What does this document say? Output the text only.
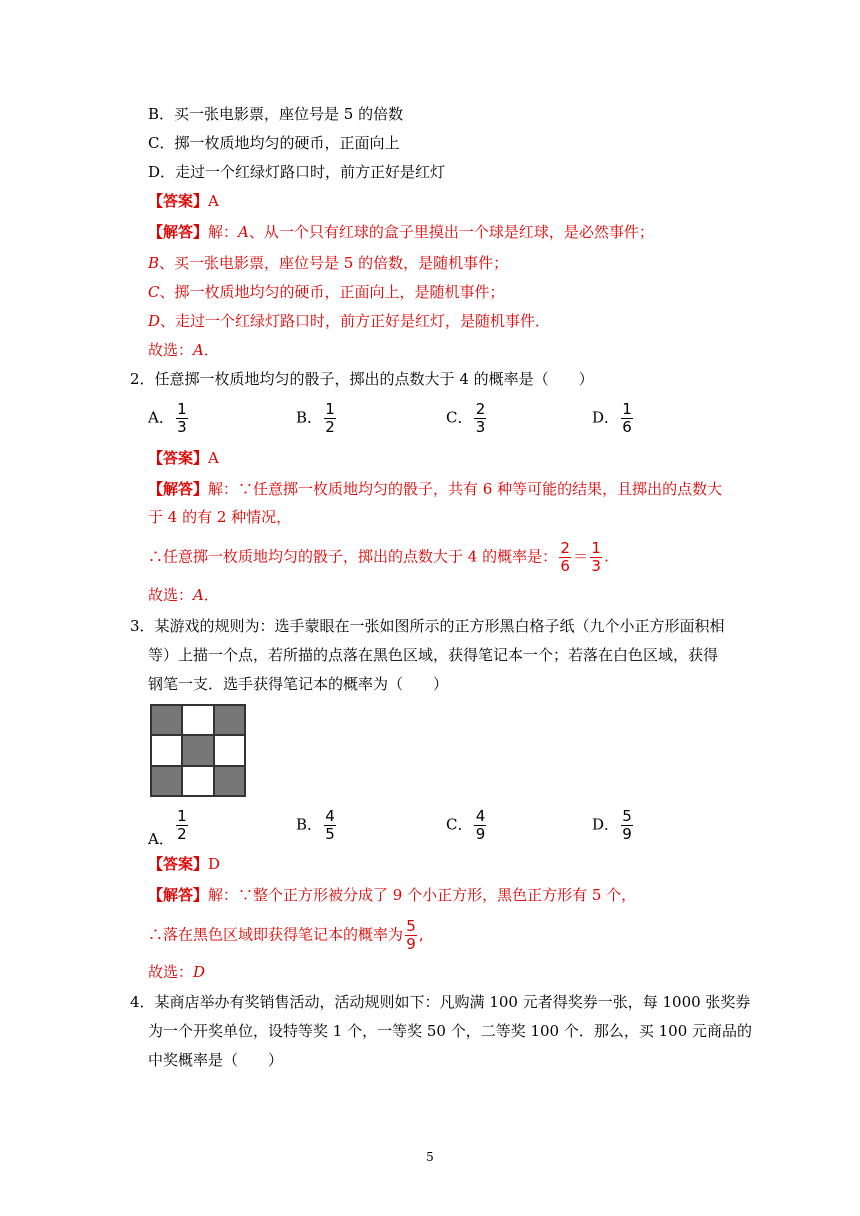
B．买一张电影票，座位号是 5 的倍数
C．掷一枚质地均匀的硬币，正面向上
D．走过一个红绿灯路口时，前方正好是红灯
【答案】A
【解答】解：A、从一个只有红球的盒子里摸出一个球是红球，是必然事件；
B、买一张电影票，座位号是 5 的倍数，是随机事件；
C、掷一枚质地均匀的硬币，正面向上，是随机事件；
D、走过一个红绿灯路口时，前方正好是红灯，是随机事件．
故选：A．
2．任意掷一枚质地均匀的骰子，掷出的点数大于 4 的概率是（　　）
A． $\frac{1}{3}$	B． $\frac{1}{2}$	C． $\frac{2}{3}$	D． $\frac{1}{6}$
【答案】A
【解答】解：∵任意掷一枚质地均匀的骰子，共有 6 种等可能的结果，且掷出的点数大
于 4 的有 2 种情况，
∴任意掷一枚质地均匀的骰子，掷出的点数大于 4 的概率是： $\frac{2}{6} = \frac{1}{3}$ .
故选：A．
3．某游戏的规则为：选手蒙眼在一张如图所示的正方形黑白格子纸（九个小正方形面积相
等）上描一个点，若所描的点落在黑色区域，获得笔记本一个；若落在白色区域，获得
钢笔一支．选手获得笔记本的概率为（　　）
A． $\frac{1}{2}$	B． $\frac{4}{5}$	C． $\frac{4}{9}$	D． $\frac{5}{9}$
【答案】D
【解答】解：∵整个正方形被分成了 9 个小正方形，黑色正方形有 5 个，
∴落在黑色区域即获得笔记本的概率为 $\frac{5}{9}$ ,
故选：D
4．某商店举办有奖销售活动，活动规则如下：凡购满 100 元者得奖券一张，每 1000 张奖券
为一个开奖单位，设特等奖 1 个，一等奖 50 个，二等奖 100 个．那么，买 100 元商品的
中奖概率是（　　）
5
